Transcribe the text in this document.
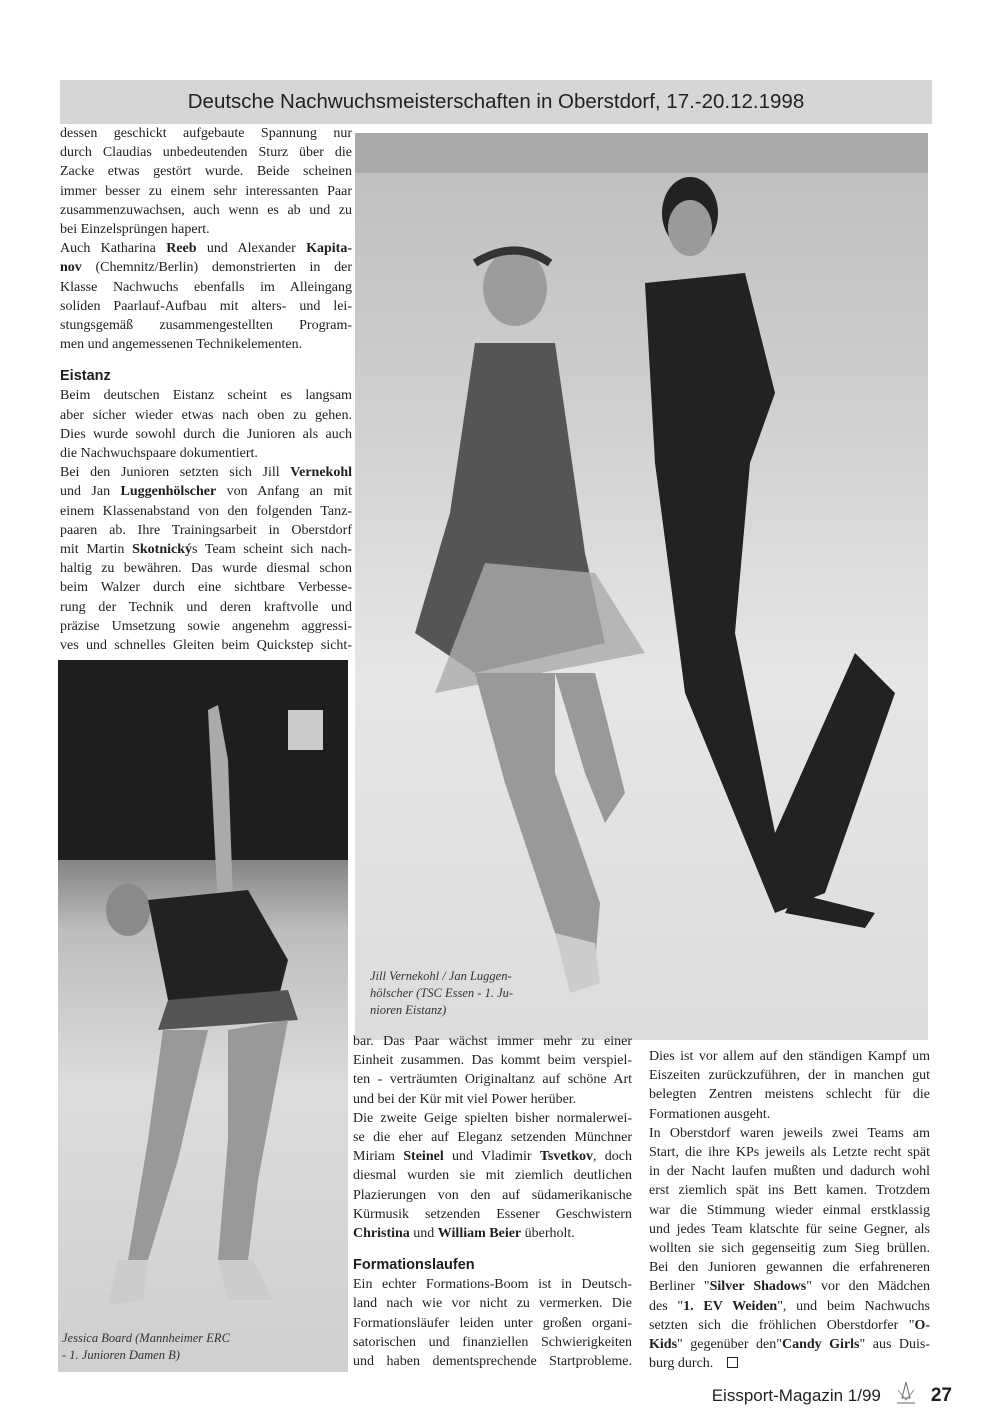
Deutsche Nachwuchsmeisterschaften in Oberstdorf, 17.-20.12.1998
dessen geschickt aufgebaute Spannung nur
durch Claudias unbedeutenden Sturz über die
Zacke etwas gestört wurde. Beide scheinen
immer besser zu einem sehr interessanten Paar
zusammenzuwachsen, auch wenn es ab und zu
bei Einzelsprüngen hapert.
Auch Katharina Reeb und Alexander Kapita-
nov (Chemnitz/Berlin) demonstrierten in der
Klasse Nachwuchs ebenfalls im Alleingang
soliden Paarlauf-Aufbau mit alters- und lei-
stungsgemäß zusammengestellten Program-
men und angemessenen Technikelementen.
Eistanz
Beim deutschen Eistanz scheint es langsam
aber sicher wieder etwas nach oben zu gehen.
Dies wurde sowohl durch die Junioren als auch
die Nachwuchspaare dokumentiert.
Bei den Junioren setzten sich Jill Vernekohl
und Jan Luggenhölscher von Anfang an mit
einem Klassenabstand von den folgenden Tanz-
paaren ab. Ihre Trainingsarbeit in Oberstdorf
mit Martin Skotnickýs Team scheint sich nach-
haltig zu bewähren. Das wurde diesmal schon
beim Walzer durch eine sichtbare Verbesse-
rung der Technik und deren kraftvolle und
präzise Umsetzung sowie angenehm aggressi-
ves und schnelles Gleiten beim Quickstep sicht-
Jill Vernekohl / Jan Luggen-
hölscher (TSC Essen - 1. Ju-
nioren Eistanz)
Jessica Board (Mannheimer ERC
- 1. Junioren Damen B)
bar. Das Paar wächst immer mehr zu einer
Einheit zusammen. Das kommt beim verspiel-
ten - verträumten Originaltanz auf schöne Art
und bei der Kür mit viel Power herüber.
Die zweite Geige spielten bisher normalerwei-
se die eher auf Eleganz setzenden Münchner
Miriam Steinel und Vladimir Tsvetkov, doch
diesmal wurden sie mit ziemlich deutlichen
Plazierungen von den auf südamerikanische
Kürmusik setzenden Essener Geschwistern
Christina und William Beier überholt.
Formationslaufen
Ein echter Formations-Boom ist in Deutsch-
land nach wie vor nicht zu vermerken. Die
Formationsläufer leiden unter großen organi-
satorischen und finanziellen Schwierigkeiten
und haben dementsprechende Startprobleme.
Dies ist vor allem auf den ständigen Kampf um
Eiszeiten zurückzuführen, der in manchen gut
belegten Zentren meistens schlecht für die
Formationen ausgeht.
In Oberstdorf waren jeweils zwei Teams am
Start, die ihre KPs jeweils als Letzte recht spät
in der Nacht laufen mußten und dadurch wohl
erst ziemlich spät ins Bett kamen. Trotzdem
war die Stimmung wieder einmal erstklassig
und jedes Team klatschte für seine Gegner, als
wollten sie sich gegenseitig zum Sieg brüllen.
Bei den Junioren gewannen die erfahreneren
Berliner "Silver Shadows" vor den Mädchen
des "1. EV Weiden", und beim Nachwuchs
setzten sich die fröhlichen Oberstdorfer "O-
Kids" gegenüber den"Candy Girls" aus Duis-
burg durch.
Eissport-Magazin 1/99	27
